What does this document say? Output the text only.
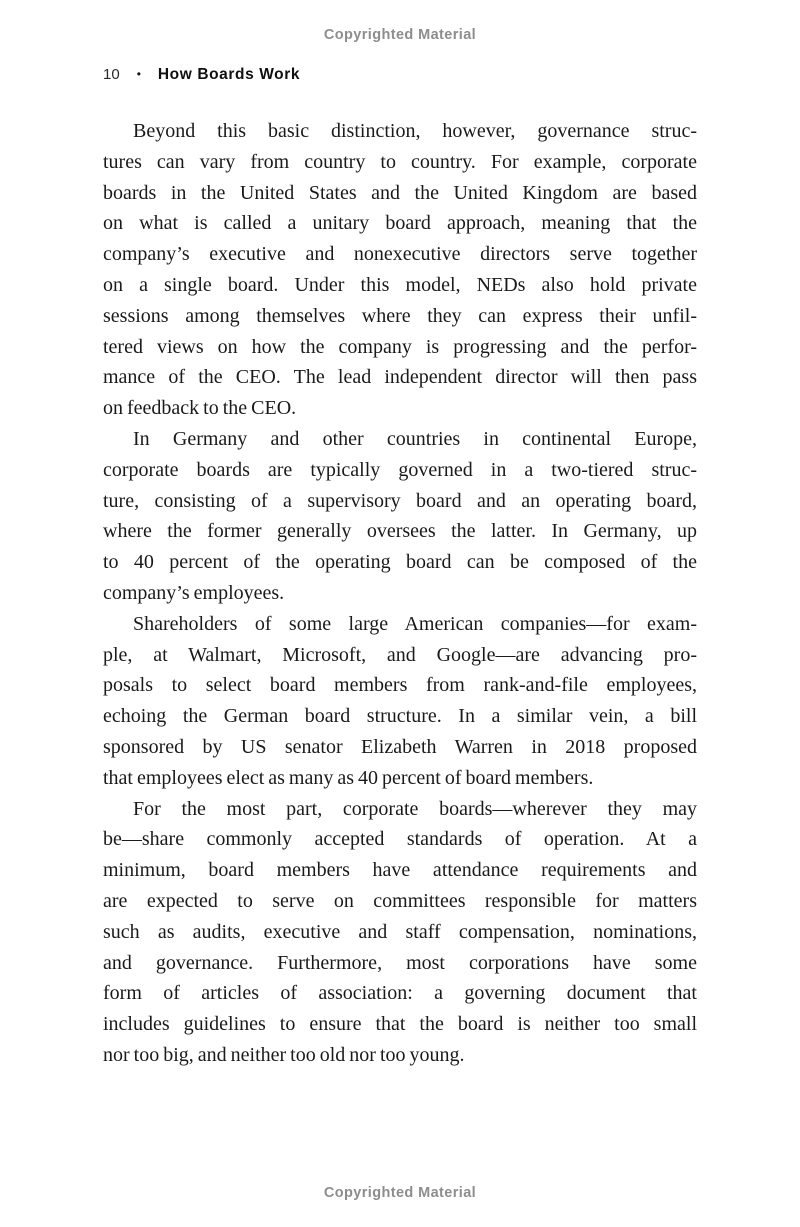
Copyrighted Material
10 • How Boards Work

Beyond this basic distinction, however, governance struc-
tures can vary from country to country. For example, corporate
boards in the United States and the United Kingdom are based
on what is called a unitary board approach, meaning that the
company’s executive and nonexecutive directors serve together
on a single board. Under this model, NEDs also hold private
sessions among themselves where they can express their unfil-
tered views on how the company is progressing and the perfor-
mance of the CEO. The lead independent director will then pass
on feedback to the CEO.

In Germany and other countries in continental Europe,
corporate boards are typically governed in a two-tiered struc-
ture, consisting of a supervisory board and an operating board,
where the former generally oversees the latter. In Germany, up
to 40 percent of the operating board can be composed of the
company’s employees.

Shareholders of some large American companies—for exam-
ple, at Walmart, Microsoft, and Google—are advancing pro-
posals to select board members from rank-and-file employees,
echoing the German board structure. In a similar vein, a bill
sponsored by US senator Elizabeth Warren in 2018 proposed
that employees elect as many as 40 percent of board members.

For the most part, corporate boards—wherever they may
be—share commonly accepted standards of operation. At a
minimum, board members have attendance requirements and
are expected to serve on committees responsible for matters
such as audits, executive and staff compensation, nominations,
and governance. Furthermore, most corporations have some
form of articles of association: a governing document that
includes guidelines to ensure that the board is neither too small
nor too big, and neither too old nor too young.

Copyrighted Material
